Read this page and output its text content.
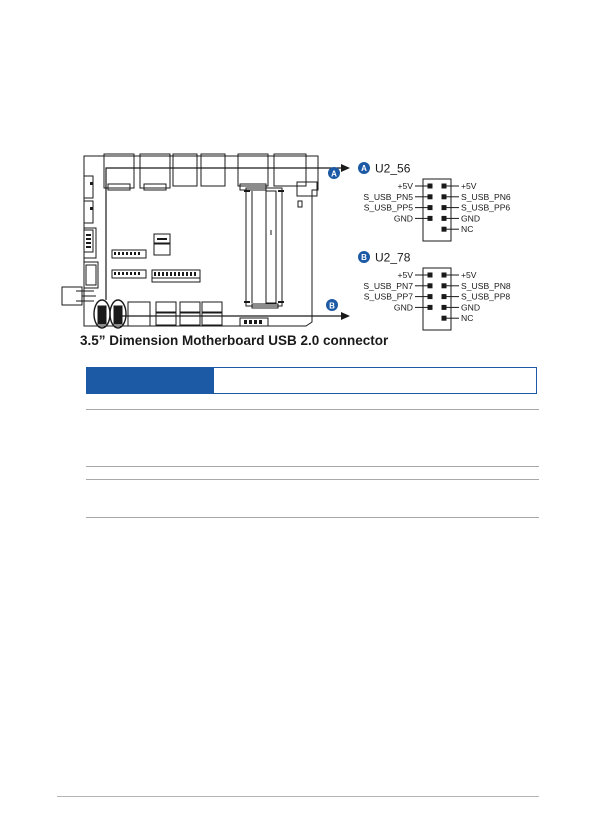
A
B
A U2_56
+5V
S_USB_PN5
S_USB_PP5
GND
+5V
S_USB_PN6
S_USB_PP6
GND
NC
B U2_78
+5V
S_USB_PN7
S_USB_PP7
GND
+5V
S_USB_PN8
S_USB_PP8
GND
NC
3.5” Dimension Motherboard USB 2.0 connector
